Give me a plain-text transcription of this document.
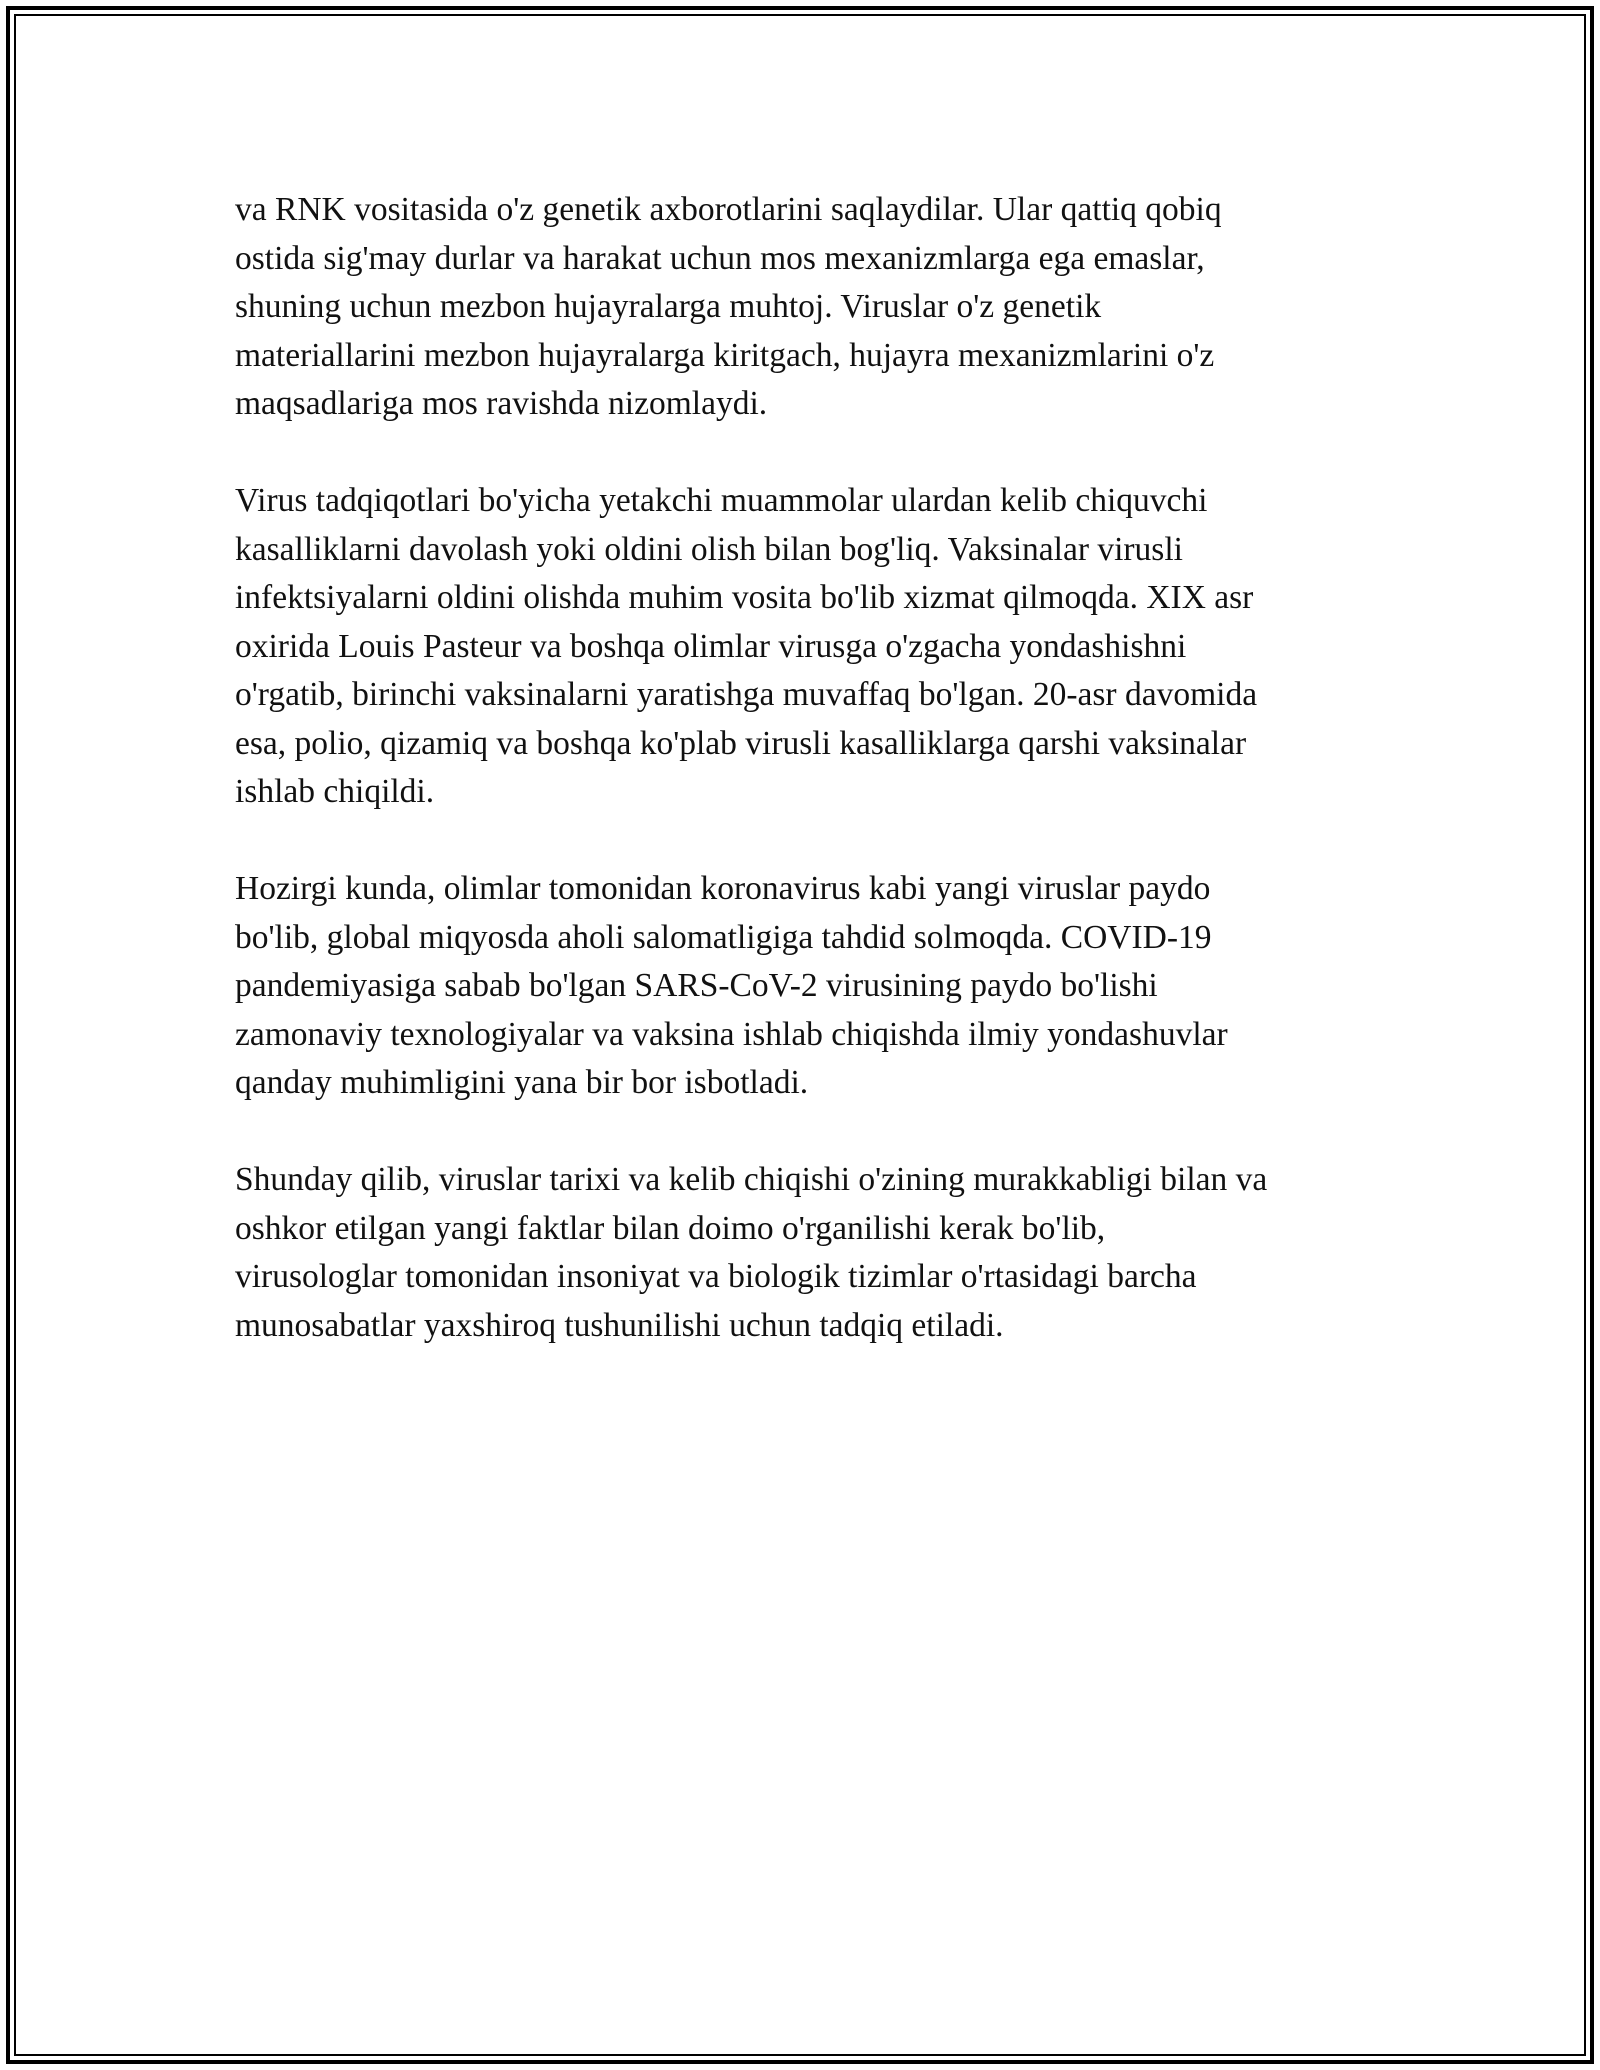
va RNK vositasida o'z genetik axborotlarini saqlaydilar. Ular qattiq qobiq
ostida sig'may durlar va harakat uchun mos mexanizmlarga ega emaslar,
shuning uchun mezbon hujayralarga muhtoj. Viruslar o'z genetik
materiallarini mezbon hujayralarga kiritgach, hujayra mexanizmlarini o'z
maqsadlariga mos ravishda nizomlaydi.

Virus tadqiqotlari bo'yicha yetakchi muammolar ulardan kelib chiquvchi
kasalliklarni davolash yoki oldini olish bilan bog'liq. Vaksinalar virusli
infektsiyalarni oldini olishda muhim vosita bo'lib xizmat qilmoqda. XIX asr
oxirida Louis Pasteur va boshqa olimlar virusga o'zgacha yondashishni
o'rgatib, birinchi vaksinalarni yaratishga muvaffaq bo'lgan. 20-asr davomida
esa, polio, qizamiq va boshqa ko'plab virusli kasalliklarga qarshi vaksinalar
ishlab chiqildi.

Hozirgi kunda, olimlar tomonidan koronavirus kabi yangi viruslar paydo
bo'lib, global miqyosda aholi salomatligiga tahdid solmoqda. COVID-19
pandemiyasiga sabab bo'lgan SARS-CoV-2 virusining paydo bo'lishi
zamonaviy texnologiyalar va vaksina ishlab chiqishda ilmiy yondashuvlar
qanday muhimligini yana bir bor isbotladi.

Shunday qilib, viruslar tarixi va kelib chiqishi o'zining murakkabligi bilan va
oshkor etilgan yangi faktlar bilan doimo o'rganilishi kerak bo'lib,
virusologlar tomonidan insoniyat va biologik tizimlar o'rtasidagi barcha
munosabatlar yaxshiroq tushunilishi uchun tadqiq etiladi.
